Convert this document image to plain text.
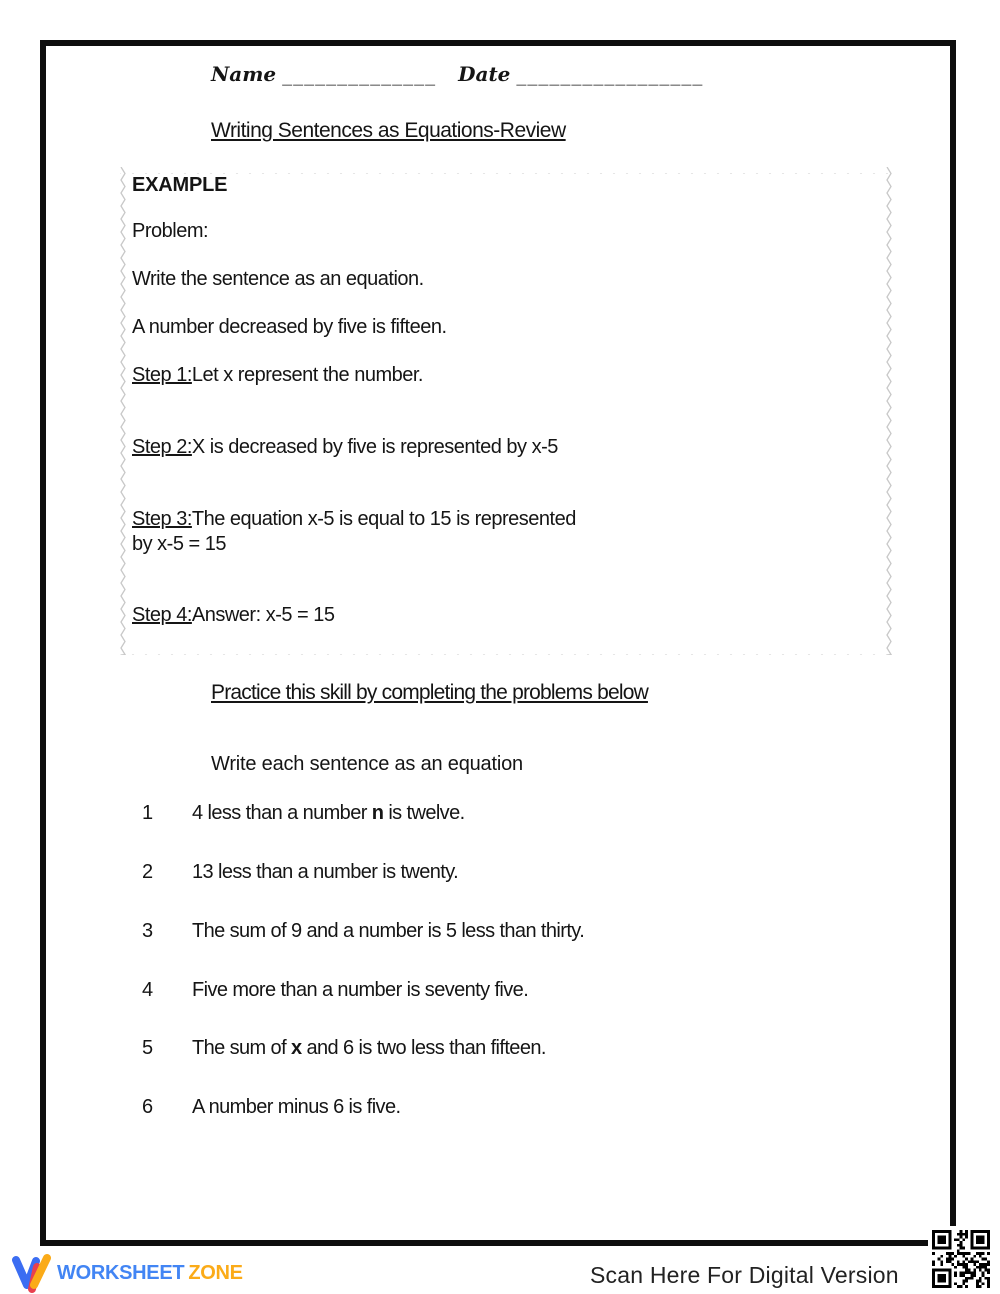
Name ______________ Date _________________
Writing Sentences as Equations-Review
EXAMPLE
Problem:
Write the sentence as an equation.
A number decreased by five is fifteen.
Step 1:Let x represent the number.
Step 2:X is decreased by five is represented by x-5
Step 3:The equation x-5 is equal to 15 is represented
by x-5 = 15
Step 4:Answer: x-5 = 15
Practice this skill by completing the problems below
Write each sentence as an equation
1 4 less than a number n is twelve.
2 13 less than a number is twenty.
3 The sum of 9 and a number is 5 less than thirty.
4 Five more than a number is seventy five.
5 The sum of x and 6 is two less than fifteen.
6 A number minus 6 is five.
WORKSHEET ZONE	Scan Here For Digital Version
